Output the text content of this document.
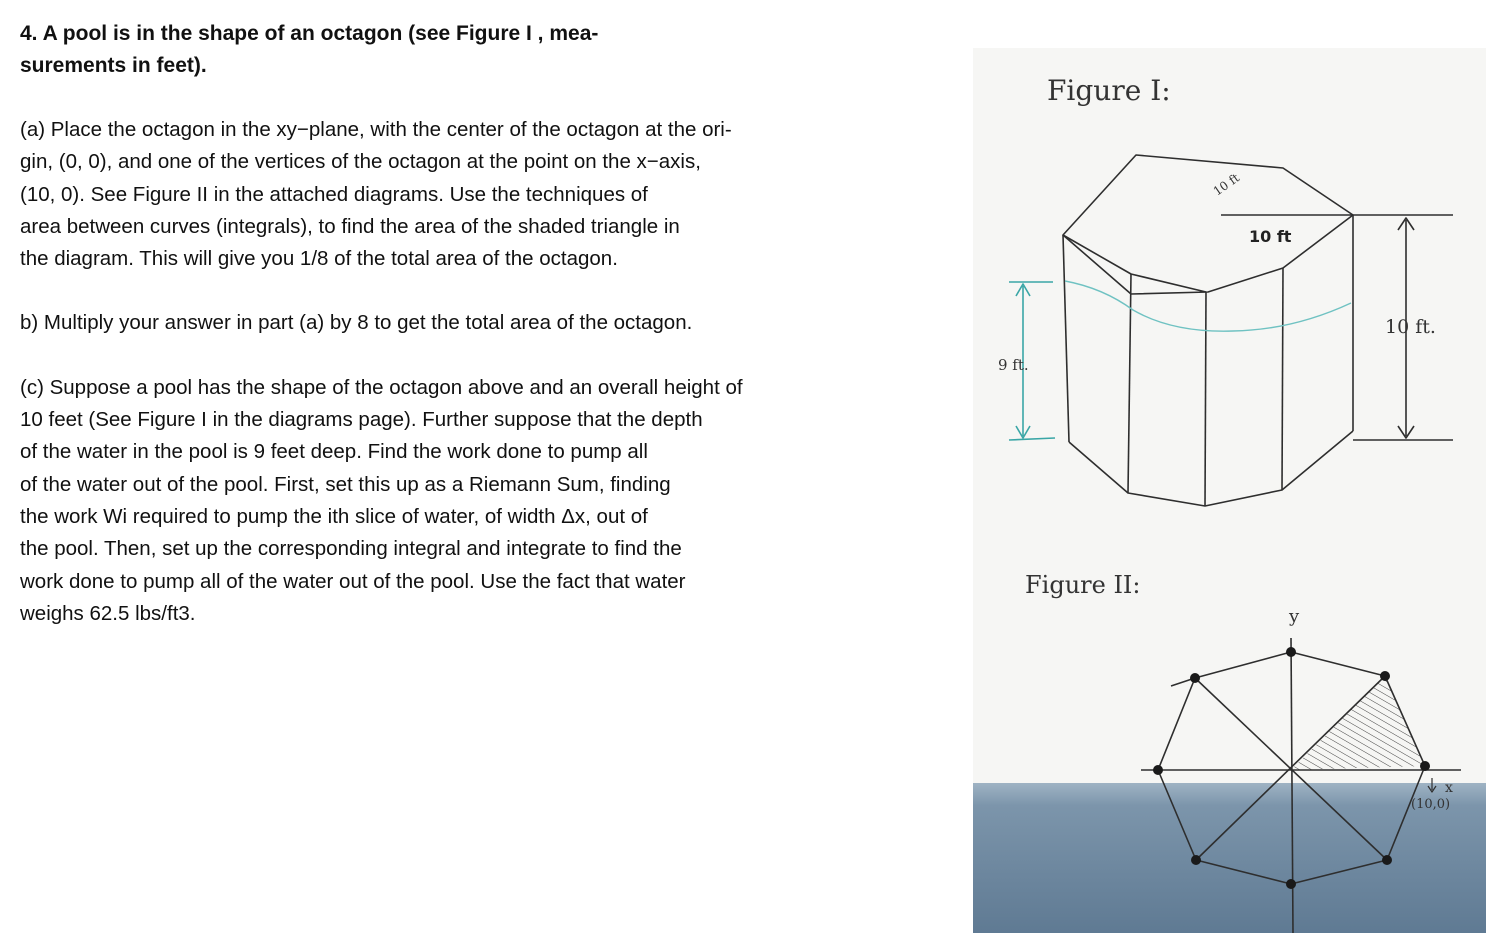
4. A pool is in the shape of an octagon (see Figure I , mea-

surements in feet).

(a) Place the octagon in the xy−plane, with the center of the octagon at the ori-

gin, (0, 0), and one of the vertices of the octagon at the point on the x−axis,

(10, 0). See Figure II in the attached diagrams. Use the techniques of

area between curves (integrals), to find the area of the shaded triangle in

the diagram. This will give you 1/8 of the total area of the octagon.

b) Multiply your answer in part (a) by 8 to get the total area of the octagon.

(c) Suppose a pool has the shape of the octagon above and an overall height of

10 feet (See Figure I in the diagrams page). Further suppose that the depth

of the water in the pool is 9 feet deep. Find the work done to pump all

of the water out of the pool. First, set this up as a Riemann Sum, finding

the work Wi required to pump the ith slice of water, of width Δx, out of

the pool. Then, set up the corresponding integral and integrate to find the

work done to pump all of the water out of the pool. Use the fact that water

weighs 62.5 lbs/ft3.

Figure I:
10 ft
10 ft
10 ft.
9 ft.
Figure II:
y
x
(10,0)
